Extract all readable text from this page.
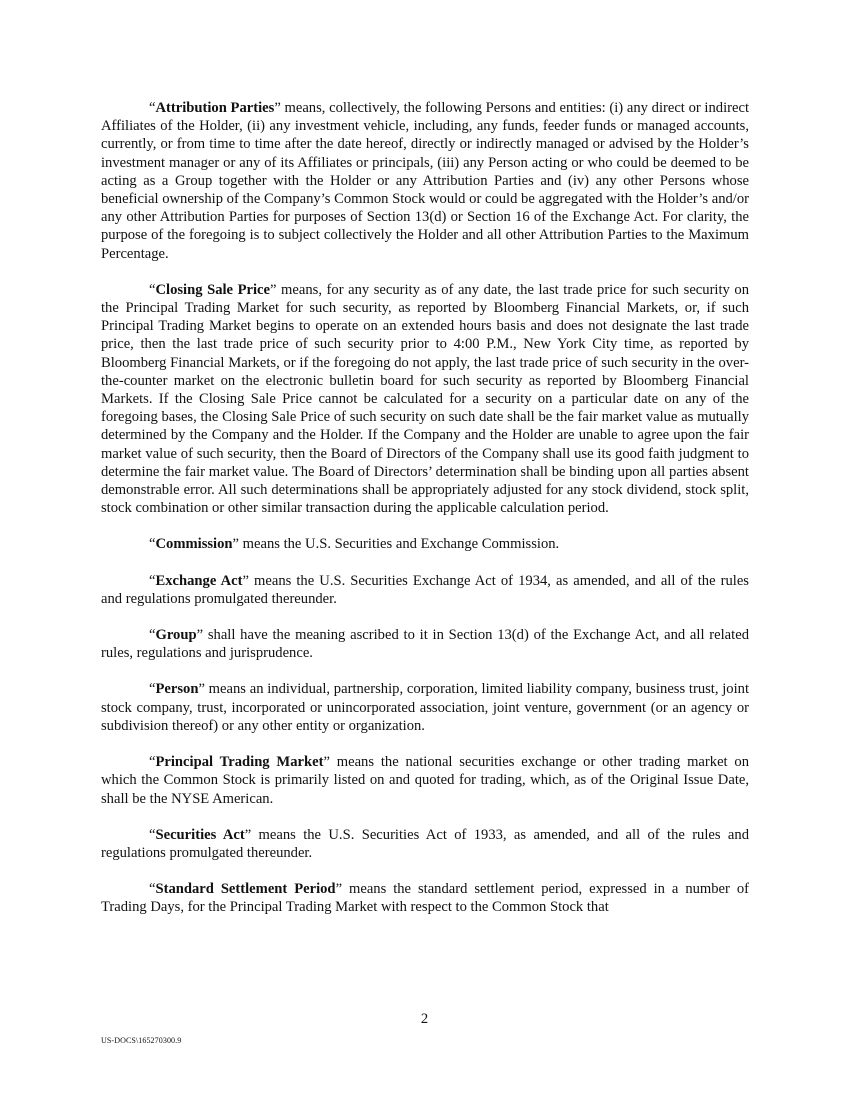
“Attribution Parties” means, collectively, the following Persons and entities: (i) any direct or indirect Affiliates of the Holder, (ii) any investment vehicle, including, any funds, feeder funds or managed accounts, currently, or from time to time after the date hereof, directly or indirectly managed or advised by the Holder’s investment manager or any of its Affiliates or principals, (iii) any Person acting or who could be deemed to be acting as a Group together with the Holder or any Attribution Parties and (iv) any other Persons whose beneficial ownership of the Company’s Common Stock would or could be aggregated with the Holder’s and/or any other Attribution Parties for purposes of Section 13(d) or Section 16 of the Exchange Act. For clarity, the purpose of the foregoing is to subject collectively the Holder and all other Attribution Parties to the Maximum Percentage.

“Closing Sale Price” means, for any security as of any date, the last trade price for such security on the Principal Trading Market for such security, as reported by Bloomberg Financial Markets, or, if such Principal Trading Market begins to operate on an extended hours basis and does not designate the last trade price, then the last trade price of such security prior to 4:00 P.M., New York City time, as reported by Bloomberg Financial Markets, or if the foregoing do not apply, the last trade price of such security in the over-the-counter market on the electronic bulletin board for such security as reported by Bloomberg Financial Markets. If the Closing Sale Price cannot be calculated for a security on a particular date on any of the foregoing bases, the Closing Sale Price of such security on such date shall be the fair market value as mutually determined by the Company and the Holder. If the Company and the Holder are unable to agree upon the fair market value of such security, then the Board of Directors of the Company shall use its good faith judgment to determine the fair market value. The Board of Directors’ determination shall be binding upon all parties absent demonstrable error. All such determinations shall be appropriately adjusted for any stock dividend, stock split, stock combination or other similar transaction during the applicable calculation period.

“Commission” means the U.S. Securities and Exchange Commission.

“Exchange Act” means the U.S. Securities Exchange Act of 1934, as amended, and all of the rules and regulations promulgated thereunder.

“Group” shall have the meaning ascribed to it in Section 13(d) of the Exchange Act, and all related rules, regulations and jurisprudence.

“Person” means an individual, partnership, corporation, limited liability company, business trust, joint stock company, trust, incorporated or unincorporated association, joint venture, government (or an agency or subdivision thereof) or any other entity or organization.

“Principal Trading Market” means the national securities exchange or other trading market on which the Common Stock is primarily listed on and quoted for trading, which, as of the Original Issue Date, shall be the NYSE American.

“Securities Act” means the U.S. Securities Act of 1933, as amended, and all of the rules and regulations promulgated thereunder.

“Standard Settlement Period” means the standard settlement period, expressed in a number of Trading Days, for the Principal Trading Market with respect to the Common Stock that

2
US-DOCS\165270300.9
